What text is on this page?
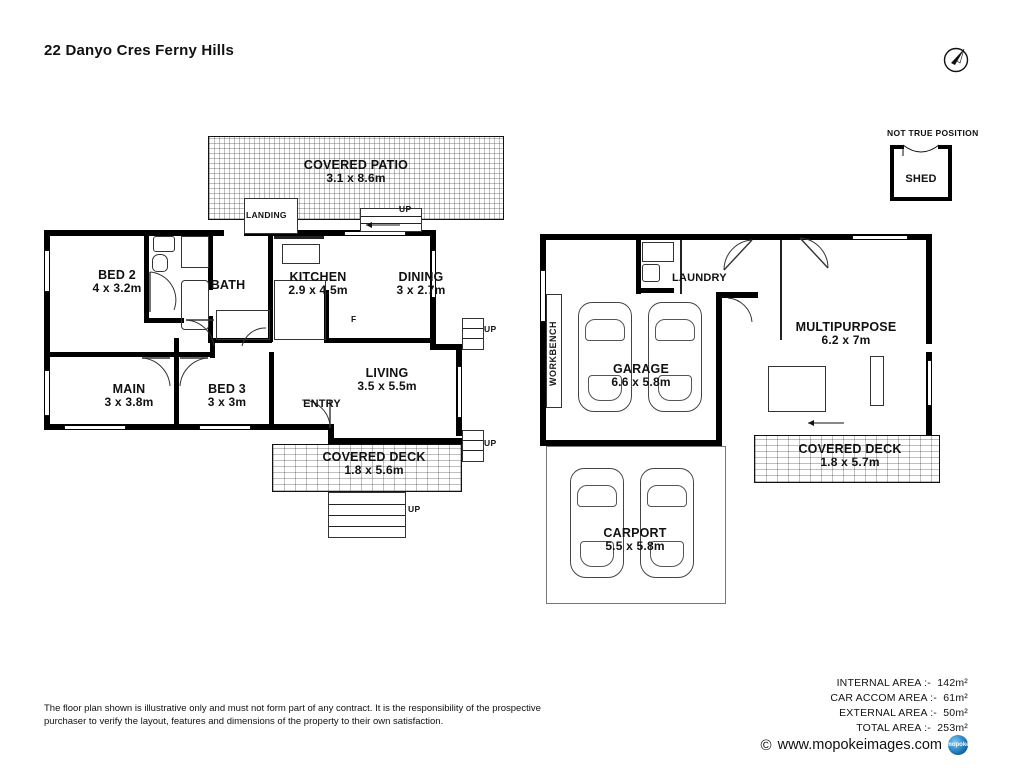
22 Danyo Cres Ferny Hills
NOT TRUE POSITION
SHED
COVERED PATIO
3.1 x 8.6m
F
UP
LANDING
UP
UP
COVERED DECK
1.8 x 5.6m
UP
BED 2
4 x 3.2m	BATH
KITCHEN
2.9 x 4.5m
DINING
3 x 2.7m
MAIN
3 x 3.8m
BED 3
3 x 3m
LIVING
3.5 x 5.5m
ENTRY
WORKBENCH
COVERED DECK
1.8 x 5.7m
GARAGE
6.6 x 5.8m
MULTIPURPOSE
6.2 x 7m
LAUNDRY
CARPORT
5.5 x 5.8m
The floor plan shown is illustrative only and must not form part of any contract. It is the responsibility of the prospective purchaser to verify the layout, features and dimensions of the property to their own satisfaction.
INTERNAL AREA :- 142m²
CAR ACCOM AREA :- 61m²
EXTERNAL AREA :- 50m²
TOTAL AREA :- 253m²
© www.mopokeimages.com mopoke
